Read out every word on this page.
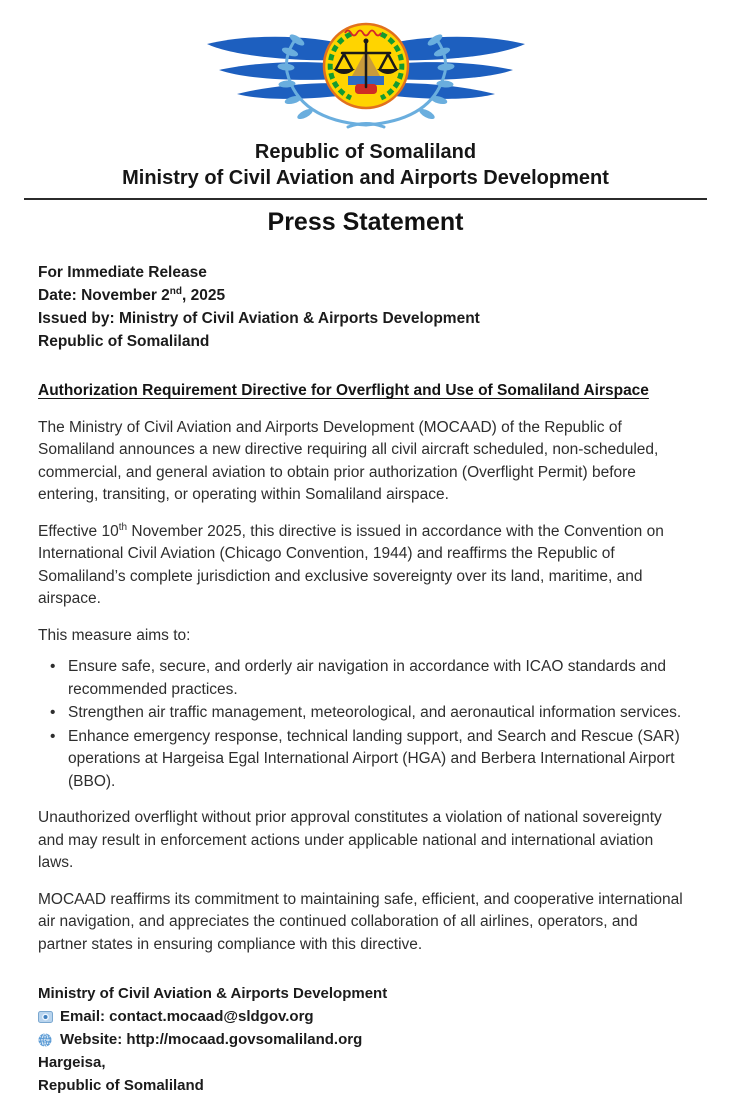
Republic of Somaliland
Ministry of Civil Aviation and Airports Development
Press Statement
For Immediate Release
Date: November 2nd, 2025
Issued by: Ministry of Civil Aviation & Airports Development
Republic of Somaliland
Authorization Requirement Directive for Overflight and Use of Somaliland Airspace
The Ministry of Civil Aviation and Airports Development (MOCAAD) of the Republic of Somaliland announces a new directive requiring all civil aircraft scheduled, non-scheduled, commercial, and general aviation to obtain prior authorization (Overflight Permit) before entering, transiting, or operating within Somaliland airspace.
Effective 10th November 2025, this directive is issued in accordance with the Convention on International Civil Aviation (Chicago Convention, 1944) and reaffirms the Republic of Somaliland’s complete jurisdiction and exclusive sovereignty over its land, maritime, and airspace.
This measure aims to:
• Ensure safe, secure, and orderly air navigation in accordance with ICAO standards and recommended practices.
• Strengthen air traffic management, meteorological, and aeronautical information services.
• Enhance emergency response, technical landing support, and Search and Rescue (SAR) operations at Hargeisa Egal International Airport (HGA) and Berbera International Airport (BBO).
Unauthorized overflight without prior approval constitutes a violation of national sovereignty and may result in enforcement actions under applicable national and international aviation laws.
MOCAAD reaffirms its commitment to maintaining safe, efficient, and cooperative international air navigation, and appreciates the continued collaboration of all airlines, operators, and partner states in ensuring compliance with this directive.
Ministry of Civil Aviation & Airports Development
Email: contact.mocaad@sldgov.org
Website: http://mocaad.govsomaliland.org
Hargeisa,
Republic of Somaliland
